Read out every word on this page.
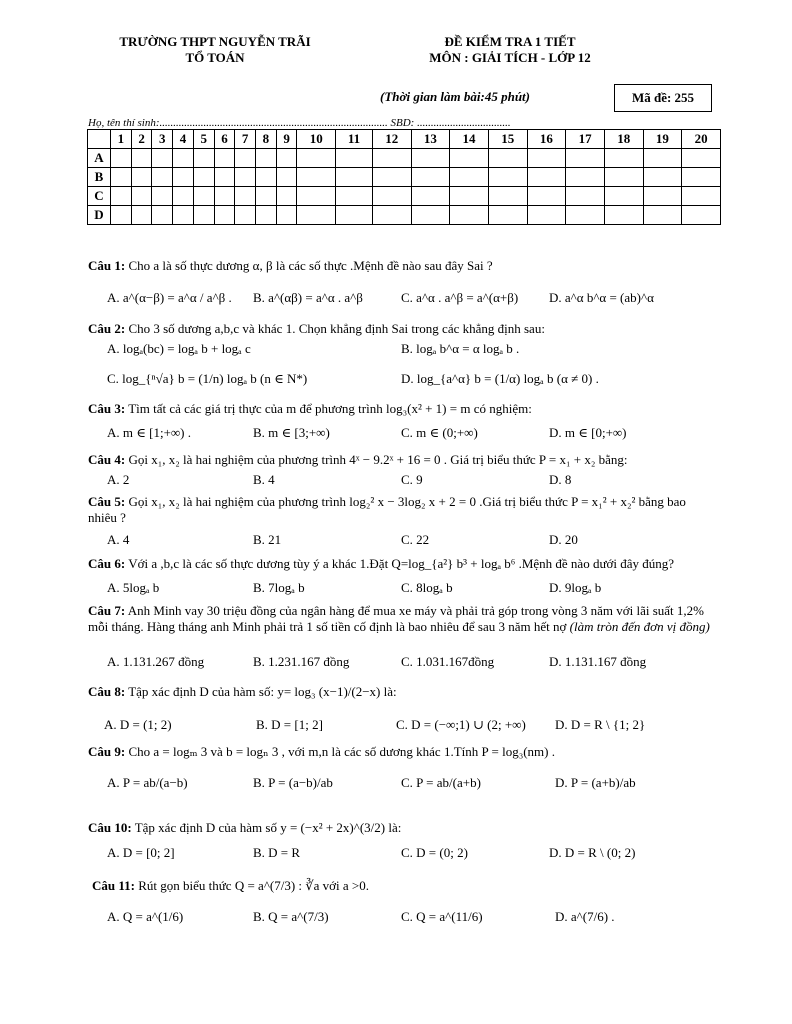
TRƯỜNG THPT NGUYỄN TRÃI
TỔ TOÁN
ĐỀ KIỂM TRA 1 TIẾT
MÔN : GIẢI TÍCH - LỚP 12
(Thời gian làm bài:45 phút)	Mã đề: 255
Họ, tên thí sinh:................................................................................... SBD: ..................................
	1	2	3	4	5	6	7	8	9	10	11	12	13	14	15	16	17	18	19	20
A																				
B																				
C																				
D																				
Câu 1: Cho a là số thực dương α, β là các số thực .Mệnh đề nào sau đây Sai ?
A. a^(α−β) = a^α / a^β . B. a^(αβ) = a^α . a^β	C. a^α . a^β = a^(α+β) D. a^α b^α = (ab)^α
Câu 2: Cho 3 số dương a,b,c và khác 1. Chọn khẳng định Sai trong các khẳng định sau:
A. logₐ(bc) = logₐ b + logₐ c	B. logₐ b^α = α logₐ b .
C. log_{ⁿ√a} b = (1/n) logₐ b (n ∈ N*)	D. log_{a^α} b = (1/α) logₐ b (α ≠ 0) .
Câu 3: Tìm tất cả các giá trị thực của m để phương trình log₃(x² + 1) = m có nghiệm:
A. m ∈ [1;+∞) .	B. m ∈ [3;+∞)	C. m ∈ (0;+∞)	D. m ∈ [0;+∞)
Câu 4: Gọi x₁, x₂ là hai nghiệm của phương trình 4ˣ − 9.2ˣ + 16 = 0 . Giá trị biểu thức P = x₁ + x₂ bằng:
A. 2	B. 4	C. 9	D. 8
Câu 5: Gọi x₁, x₂ là hai nghiệm của phương trình log₂² x − 3log₂ x + 2 = 0 .Giá trị biểu thức P = x₁² + x₂² bằng bao nhiêu ?
A. 4	B. 21	C. 22	D. 20
Câu 6: Với a ,b,c là các số thực dương tùy ý a khác 1.Đặt Q=log_{a²} b³ + logₐ b⁶ .Mệnh đề nào dưới đây đúng?
A. 5logₐ b	B. 7logₐ b	C. 8logₐ b	D. 9logₐ b
Câu 7: Anh Minh vay 30 triệu đồng của ngân hàng để mua xe máy và phải trả góp trong vòng 3 năm với lãi suất 1,2% mỗi tháng. Hàng tháng anh Minh phải trả 1 số tiền cố định là bao nhiêu để sau 3 năm hết nợ (làm tròn đến đơn vị đồng)
A. 1.131.267 đồng	B. 1.231.167 đồng	C. 1.031.167đồng	D. 1.131.167 đồng
Câu 8: Tập xác định D của hàm số: y= log₃ (x−1)/(2−x) là:
A. D = (1; 2)	B. D = [1; 2]	C. D = (−∞;1) ∪ (2; +∞) D. D = R \ {1; 2}
Câu 9: Cho a = logₘ 3 và b = logₙ 3 , với m,n là các số dương khác 1.Tính P = log₃(nm) .
A. P = ab/(a−b)	B. P = (a−b)/ab	C. P = ab/(a+b)	D. P = (a+b)/ab
Câu 10: Tập xác định D của hàm số y = (−x² + 2x)^(3/2) là:
A. D = [0; 2]	B. D = R	C. D = (0; 2)	D. D = R \ (0; 2)
Câu 11: Rút gọn biểu thức Q = a^(7/3) : ∛a với a >0.
A. Q = a^(1/6)	B. Q = a^(7/3)	C. Q = a^(11/6)	D. a^(7/6) .
